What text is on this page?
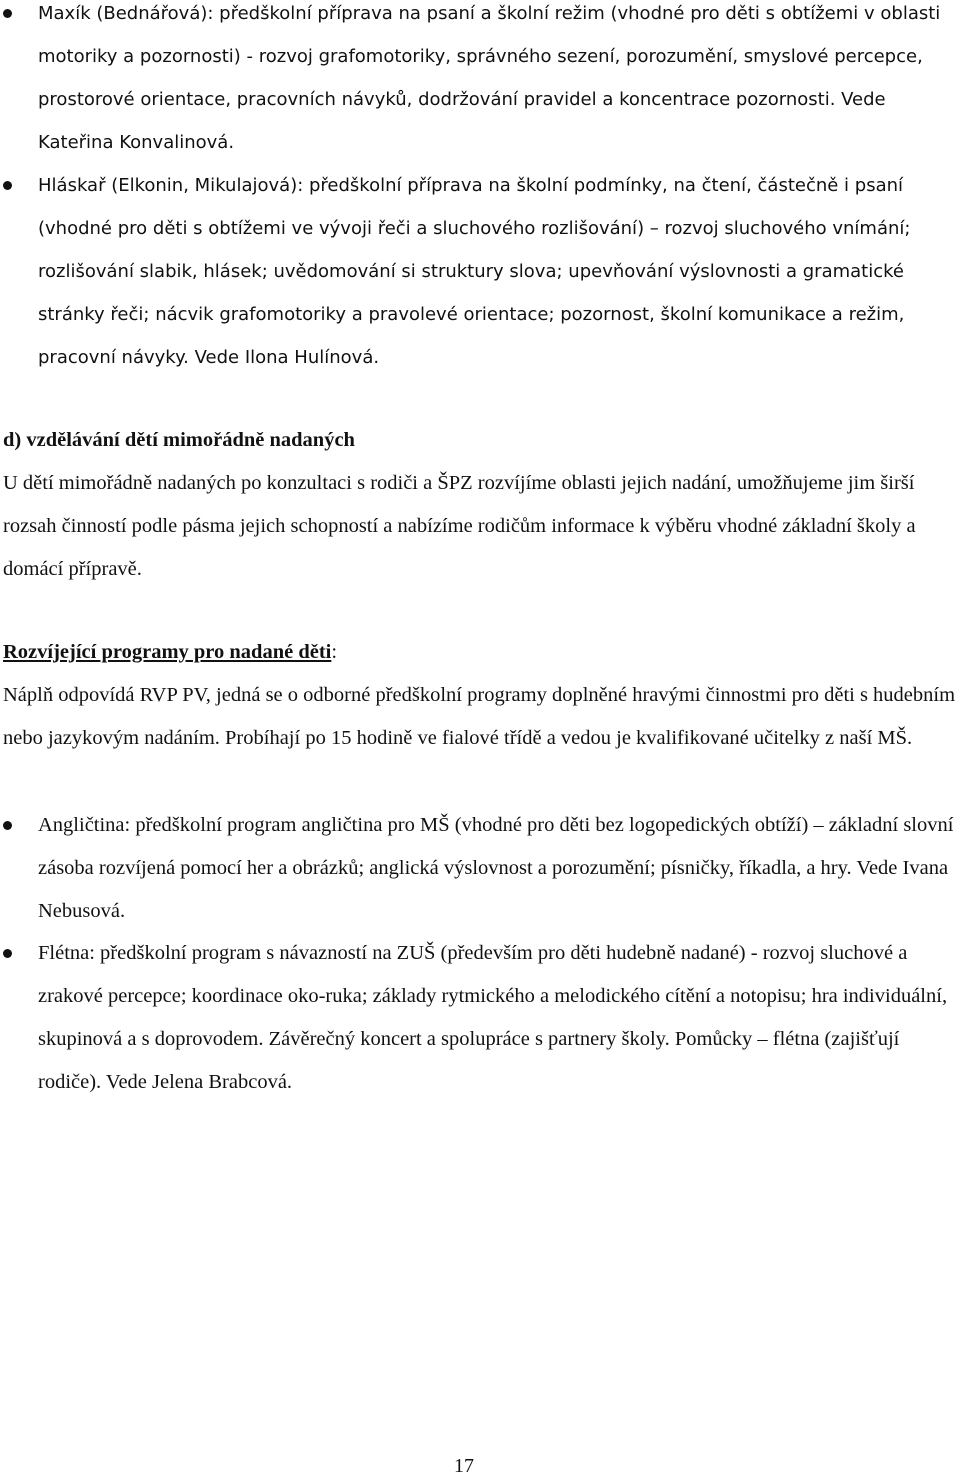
Maxík (Bednářová): předškolní příprava na psaní a školní režim (vhodné pro děti s obtížemi v oblasti motoriky a pozornosti) - rozvoj grafomotoriky, správného sezení, porozumění, smyslové percepce, prostorové orientace, pracovních návyků, dodržování pravidel a koncentrace pozornosti. Vede Kateřina Konvalinová.
Hláskař (Elkonin, Mikulajová): předškolní příprava na školní podmínky, na čtení, částečně i psaní (vhodné pro děti s obtížemi ve vývoji řeči a sluchového rozlišování) – rozvoj sluchového vnímání; rozlišování slabik, hlásek; uvědomování si struktury slova; upevňování výslovnosti a gramatické stránky řeči; nácvik grafomotoriky a pravolevé orientace; pozornost, školní komunikace a režim, pracovní návyky. Vede Ilona Hulínová.
d) vzdělávání dětí mimořádně nadaných
U dětí mimořádně nadaných po konzultaci s rodiči a ŠPZ rozvíjíme oblasti jejich nadání, umožňujeme jim širší rozsah činností podle pásma jejich schopností a nabízíme rodičům informace k výběru vhodné základní školy a domácí přípravě.
Rozvíjející programy pro nadané děti:
Náplň odpovídá RVP PV, jedná se o odborné předškolní programy doplněné hravými činnostmi pro děti s hudebním nebo jazykovým nadáním. Probíhají po 15 hodině ve fialové třídě a vedou je kvalifikované učitelky z naší MŠ.
Angličtina: předškolní program angličtina pro MŠ (vhodné pro děti bez logopedických obtíží) – základní slovní zásoba rozvíjená pomocí her a obrázků; anglická výslovnost a porozumění; písničky, říkadla, a hry. Vede Ivana Nebusová.
Flétna: předškolní program s návazností na ZUŠ (především pro děti hudebně nadané) - rozvoj sluchové a zrakové percepce; koordinace oko-ruka; základy rytmického a melodického cítění a notopisu; hra individuální, skupinová a s doprovodem. Závěrečný koncert a spolupráce s partnery školy. Pomůcky – flétna (zajišťují rodiče). Vede Jelena Brabcová.
17
